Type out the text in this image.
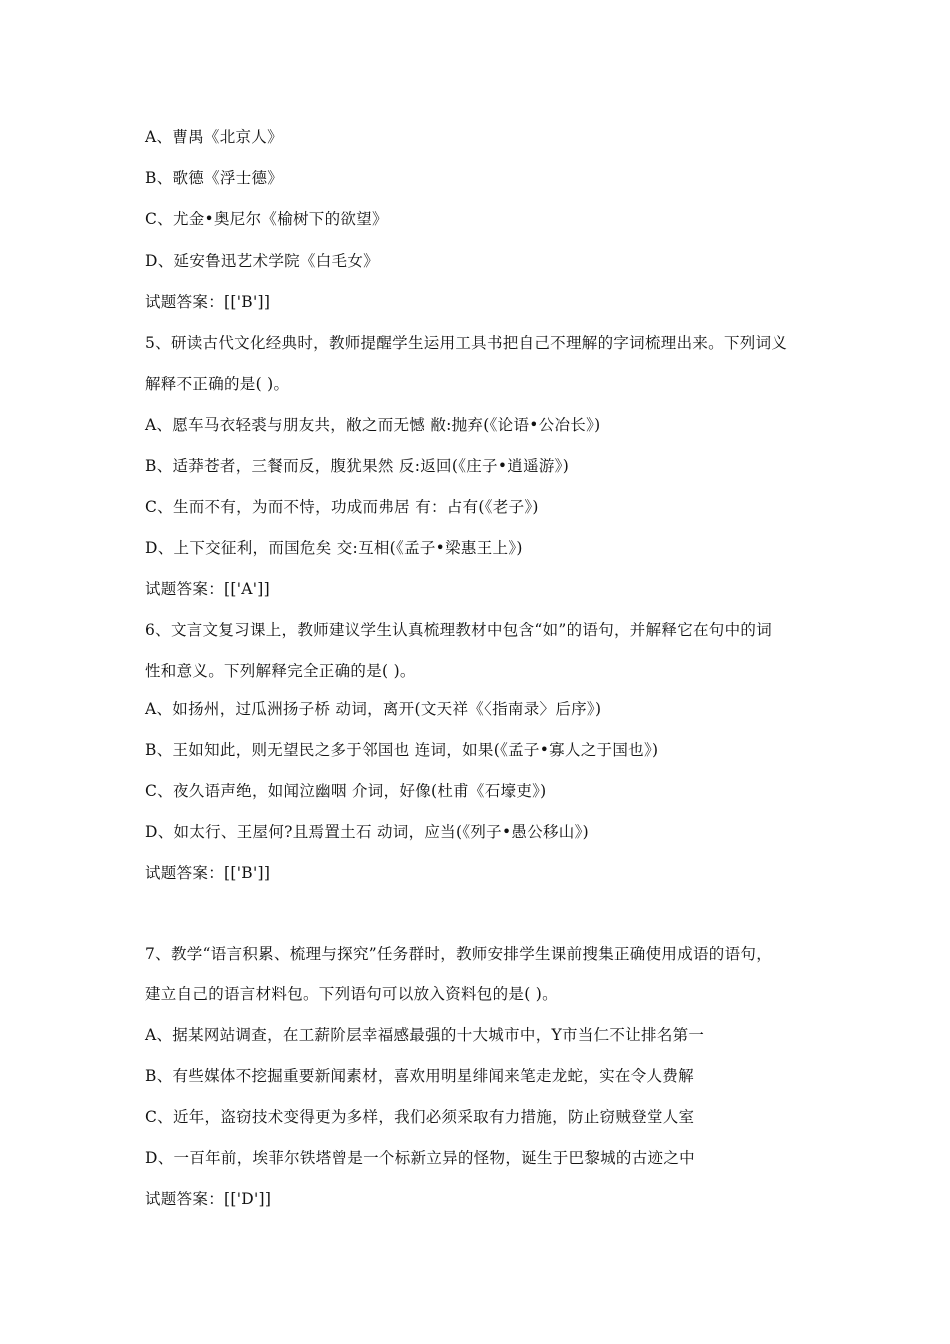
A、曹禺《北京人》
B、歌德《浮士德》
C、尤金•奥尼尔《榆树下的欲望》
D、延安鲁迅艺术学院《白毛女》
试题答案：[['B']]
5、研读古代文化经典时，教师提醒学生运用工具书把自己不理解的字词梳理出来。下列词义
解释不正确的是( )。
A、愿车马衣轻裘与朋友共，敝之而无憾 敝:抛弃(《论语•公冶长》)
B、适莽苍者，三餐而反，腹犹果然 反:返回(《庄子•逍遥游》)
C、生而不有，为而不恃，功成而弗居 有：占有(《老子》)
D、上下交征利，而国危矣 交:互相(《孟子•梁惠王上》)
试题答案：[['A']]
6、文言文复习课上，教师建议学生认真梳理教材中包含“如”的语句，并解释它在句中的词
性和意义。下列解释完全正确的是( )。
A、如扬州，过瓜洲扬子桥 动词，离开(文天祥《〈指南录〉后序》)
B、王如知此，则无望民之多于邻国也 连词，如果(《孟子•寡人之于国也》)
C、夜久语声绝，如闻泣幽咽 介词，好像(杜甫《石壕吏》)
D、如太行、王屋何?且焉置土石 动词，应当(《列子•愚公移山》)
试题答案：[['B']]
7、教学“语言积累、梳理与探究”任务群时，教师安排学生课前搜集正确使用成语的语句，
建立自己的语言材料包。下列语句可以放入资料包的是( )。
A、据某网站调查，在工薪阶层幸福感最强的十大城市中，Y市当仁不让排名第一
B、有些媒体不挖掘重要新闻素材，喜欢用明星绯闻来笔走龙蛇，实在令人费解
C、近年，盗窃技术变得更为多样，我们必须采取有力措施，防止窃贼登堂人室
D、一百年前，埃菲尔铁塔曾是一个标新立异的怪物，诞生于巴黎城的古迹之中
试题答案：[['D']]
